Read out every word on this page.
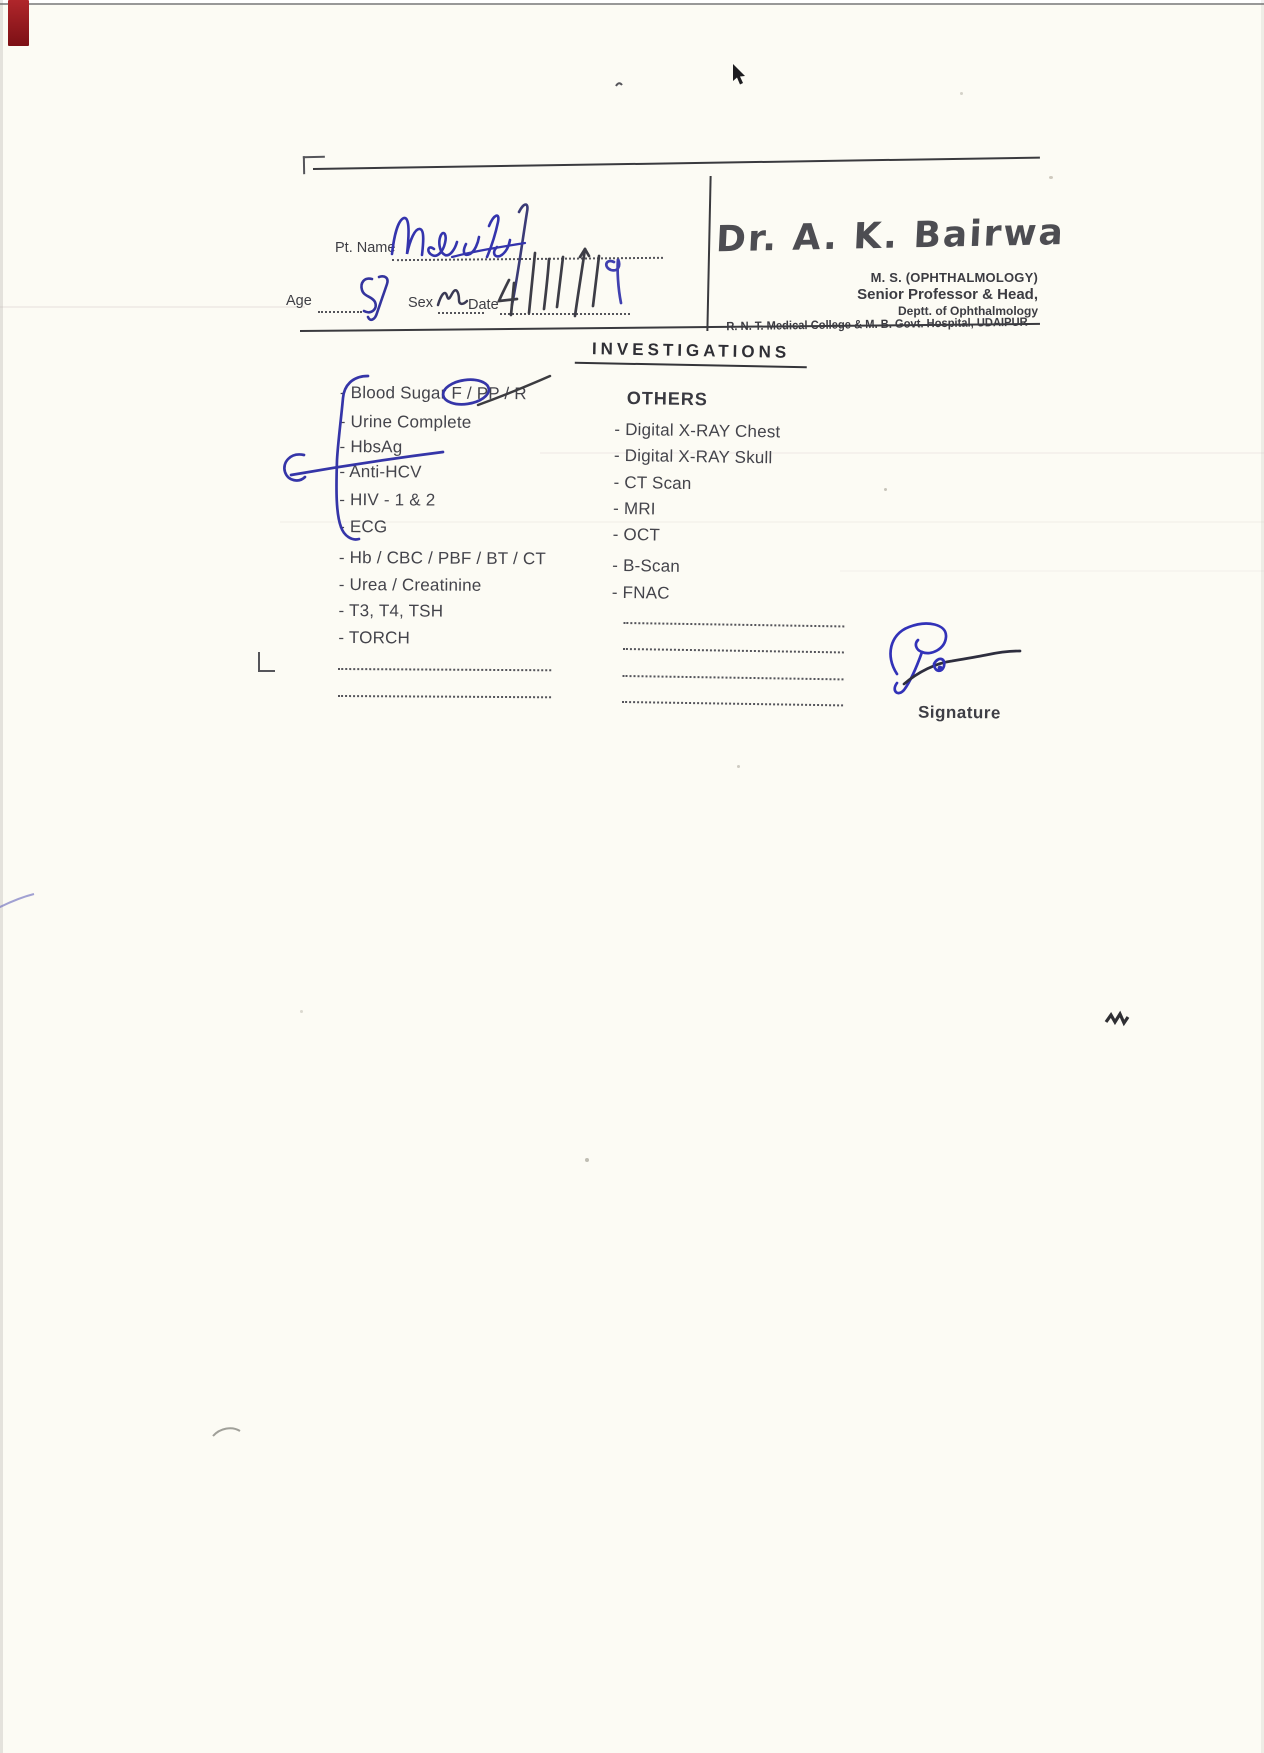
Pt. Name
Age	Sex Date
Dr. A. K. Bairwa
M. S. (OPHTHALMOLOGY)
Senior Professor & Head,
Deptt. of Ophthalmology
R. N. T. Medical College & M. B. Govt. Hospital, UDAIPUR
INVESTIGATIONS
- Blood Sugar F / PP / R
- Urine Complete
- HbsAg
- Anti-HCV
- HIV - 1 & 2
- ECG
- Hb / CBC / PBF / BT / CT
- Urea / Creatinine
- T3, T4, TSH
- TORCH
OTHERS
- Digital X-RAY Chest
- Digital X-RAY Skull
- CT Scan
- MRI
- OCT
- B-Scan
- FNAC
Signature
